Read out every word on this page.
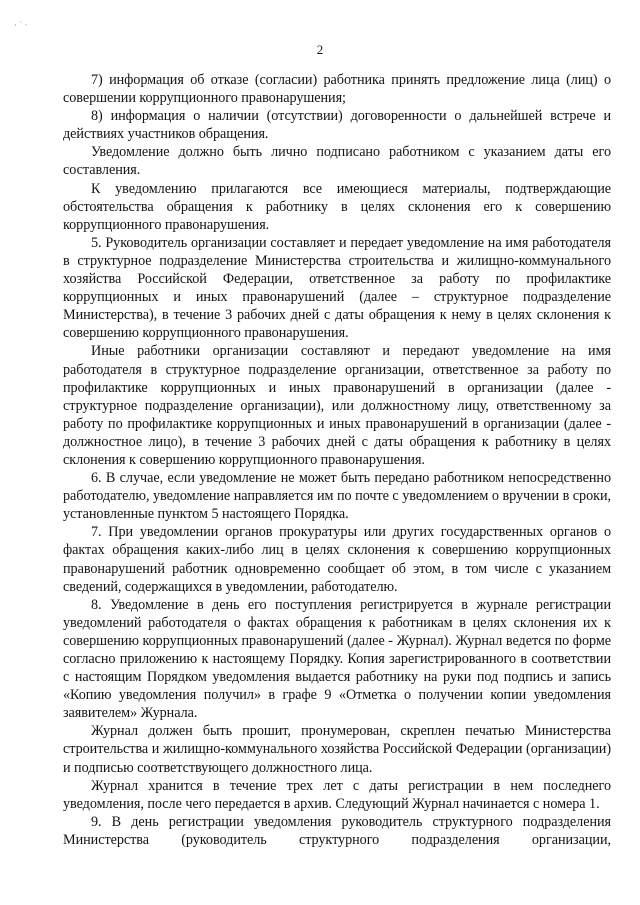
· ˙ ·
2

7) информация об отказе (согласии) работника принять предложение лица (лиц) о совершении коррупционного правонарушения;

8) информация о наличии (отсутствии) договоренности о дальнейшей встрече и действиях участников обращения.

Уведомление должно быть лично подписано работником с указанием даты его составления.

К уведомлению прилагаются все имеющиеся материалы, подтверждающие обстоятельства обращения к работнику в целях склонения его к совершению коррупционного правонарушения.

5. Руководитель организации составляет и передает уведомление на имя работодателя в структурное подразделение Министерства строительства и жилищно-коммунального хозяйства Российской Федерации, ответственное за работу по профилактике коррупционных и иных правонарушений (далее – структурное подразделение Министерства), в течение 3 рабочих дней с даты обращения к нему в целях склонения к совершению коррупционного правонарушения.

Иные работники организации составляют и передают уведомление на имя работодателя в структурное подразделение организации, ответственное за работу по профилактике коррупционных и иных правонарушений в организации (далее - структурное подразделение организации), или должностному лицу, ответственному за работу по профилактике коррупционных и иных правонарушений в организации (далее - должностное лицо), в течение 3 рабочих дней с даты обращения к работнику в целях склонения к совершению коррупционного правонарушения.

6. В случае, если уведомление не может быть передано работником непосредственно работодателю, уведомление направляется им по почте с уведомлением о вручении в сроки, установленные пунктом 5 настоящего Порядка.

7. При уведомлении органов прокуратуры или других государственных органов о фактах обращения каких-либо лиц в целях склонения к совершению коррупционных правонарушений работник одновременно сообщает об этом, в том числе с указанием сведений, содержащихся в уведомлении, работодателю.

8. Уведомление в день его поступления регистрируется в журнале регистрации уведомлений работодателя о фактах обращения к работникам в целях склонения их к совершению коррупционных правонарушений (далее - Журнал). Журнал ведется по форме согласно приложению к настоящему Порядку. Копия зарегистрированного в соответствии с настоящим Порядком уведомления выдается работнику на руки под подпись и запись «Копию уведомления получил» в графе 9 «Отметка о получении копии уведомления заявителем» Журнала.

Журнал должен быть прошит, пронумерован, скреплен печатью Министерства строительства и жилищно-коммунального хозяйства Российской Федерации (организации) и подписью соответствующего должностного лица.

Журнал хранится в течение трех лет с даты регистрации в нем последнего уведомления, после чего передается в архив. Следующий Журнал начинается с номера 1.

9. В день регистрации уведомления руководитель структурного подразделения Министерства (руководитель структурного подразделения организации,
